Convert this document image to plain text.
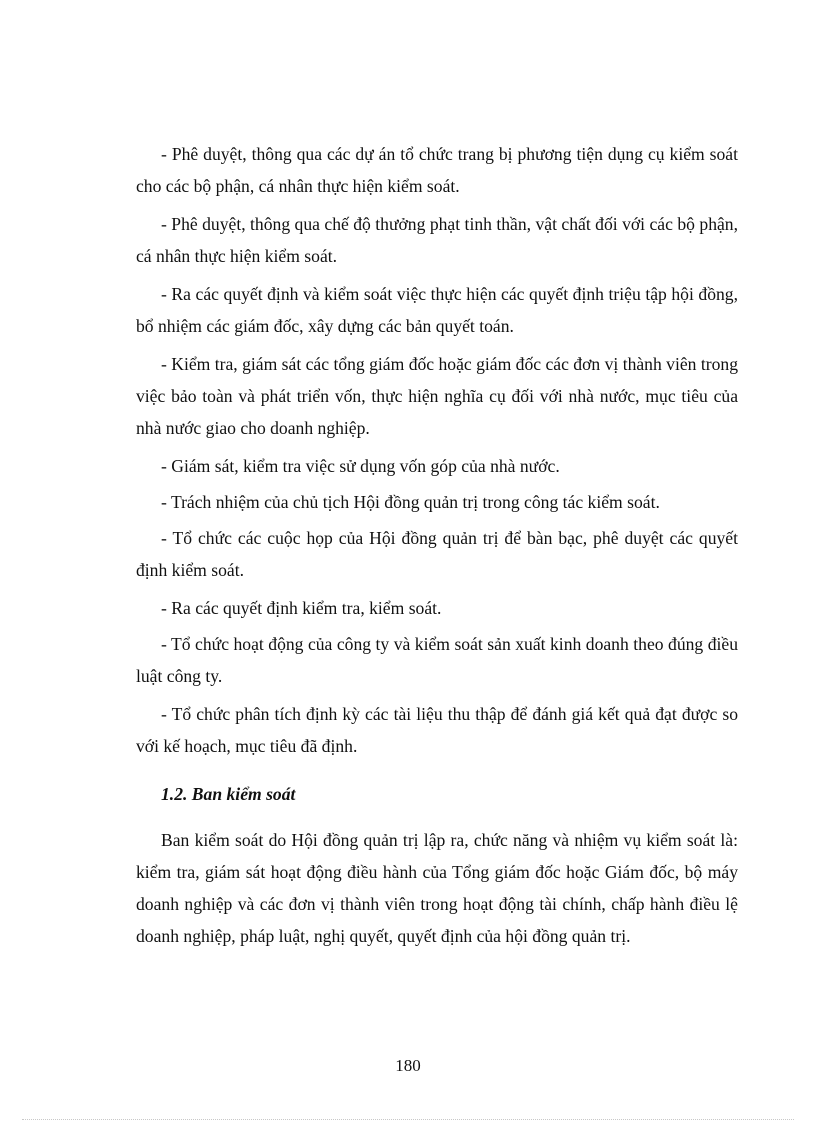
- Phê duyệt, thông qua các dự án tổ chức trang bị phương tiện dụng cụ kiểm soát cho các bộ phận, cá nhân thực hiện kiểm soát.

- Phê duyệt, thông qua chế độ thưởng phạt tinh thần, vật chất đối với các bộ phận, cá nhân thực hiện kiểm soát.

- Ra các quyết định và kiểm soát việc thực hiện các quyết định triệu tập hội đồng, bổ nhiệm các giám đốc, xây dựng các bản quyết toán.

- Kiểm tra, giám sát các tổng giám đốc hoặc giám đốc các đơn vị thành viên trong việc bảo toàn và phát triển vốn, thực hiện nghĩa cụ đối với nhà nước, mục tiêu của nhà nước giao cho doanh nghiệp.

- Giám sát, kiểm tra việc sử dụng vốn góp của nhà nước.

- Trách nhiệm của chủ tịch Hội đồng quản trị trong công tác kiểm soát.

- Tổ chức các cuộc họp của Hội đồng quản trị để bàn bạc, phê duyệt các quyết định kiểm soát.

- Ra các quyết định kiểm tra, kiểm soát.

- Tổ chức hoạt động của công ty và kiểm soát sản xuất kinh doanh theo đúng điều luật công ty.

- Tổ chức phân tích định kỳ các tài liệu thu thập để đánh giá kết quả đạt được so với kế hoạch, mục tiêu đã định.

1.2. Ban kiểm soát

Ban kiểm soát do Hội đồng quản trị lập ra, chức năng và nhiệm vụ kiểm soát là: kiểm tra, giám sát hoạt động điều hành của Tổng giám đốc hoặc Giám đốc, bộ máy doanh nghiệp và các đơn vị thành viên trong hoạt động tài chính, chấp hành điều lệ doanh nghiệp, pháp luật, nghị quyết, quyết định của hội đồng quản trị.

180
